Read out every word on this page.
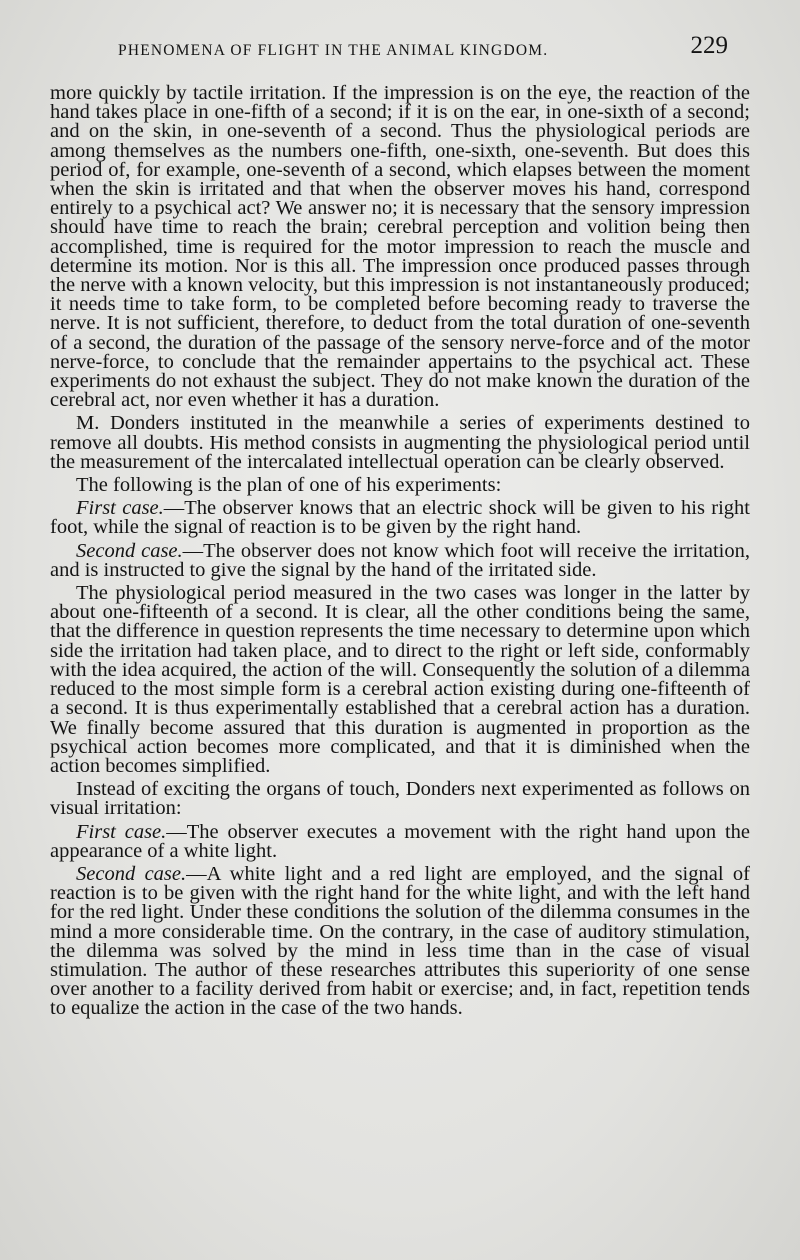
PHENOMENA OF FLIGHT IN THE ANIMAL KINGDOM.	229

more quickly by tactile irritation. If the impression is on the eye, the reaction of the hand takes place in one-fifth of a second; if it is on the ear, in one-sixth of a second; and on the skin, in one-seventh of a second. Thus the physiological periods are among themselves as the numbers one-fifth, one-sixth, one-seventh. But does this period of, for example, one-seventh of a second, which elapses between the moment when the skin is irritated and that when the observer moves his hand, correspond entirely to a psychical act? We answer no; it is necessary that the sensory impression should have time to reach the brain; cerebral perception and volition being then accomplished, time is required for the motor impression to reach the muscle and determine its motion. Nor is this all. The impression once produced passes through the nerve with a known velocity, but this impression is not instantaneously produced; it needs time to take form, to be completed before becoming ready to traverse the nerve. It is not sufficient, therefore, to deduct from the total duration of one-seventh of a second, the duration of the passage of the sensory nerve-force and of the motor nerve-force, to conclude that the remainder appertains to the psychical act. These experiments do not exhaust the subject. They do not make known the duration of the cerebral act, nor even whether it has a duration.

M. Donders instituted in the meanwhile a series of experiments destined to remove all doubts. His method consists in augmenting the physiological period until the measurement of the intercalated intellectual operation can be clearly observed.

The following is the plan of one of his experiments:

First case.—The observer knows that an electric shock will be given to his right foot, while the signal of reaction is to be given by the right hand.

Second case.—The observer does not know which foot will receive the irritation, and is instructed to give the signal by the hand of the irritated side.

The physiological period measured in the two cases was longer in the latter by about one-fifteenth of a second. It is clear, all the other conditions being the same, that the difference in question represents the time necessary to determine upon which side the irritation had taken place, and to direct to the right or left side, conformably with the idea acquired, the action of the will. Consequently the solution of a dilemma reduced to the most simple form is a cerebral action existing during one-fifteenth of a second. It is thus experimentally established that a cerebral action has a duration. We finally become assured that this duration is augmented in proportion as the psychical action becomes more complicated, and that it is diminished when the action becomes simplified.

Instead of exciting the organs of touch, Donders next experimented as follows on visual irritation:

First case.—The observer executes a movement with the right hand upon the appearance of a white light.

Second case.—A white light and a red light are employed, and the signal of reaction is to be given with the right hand for the white light, and with the left hand for the red light. Under these conditions the solution of the dilemma consumes in the mind a more considerable time. On the contrary, in the case of auditory stimulation, the dilemma was solved by the mind in less time than in the case of visual stimulation. The author of these researches attributes this superiority of one sense over another to a facility derived from habit or exercise; and, in fact, repetition tends to equalize the action in the case of the two hands.
